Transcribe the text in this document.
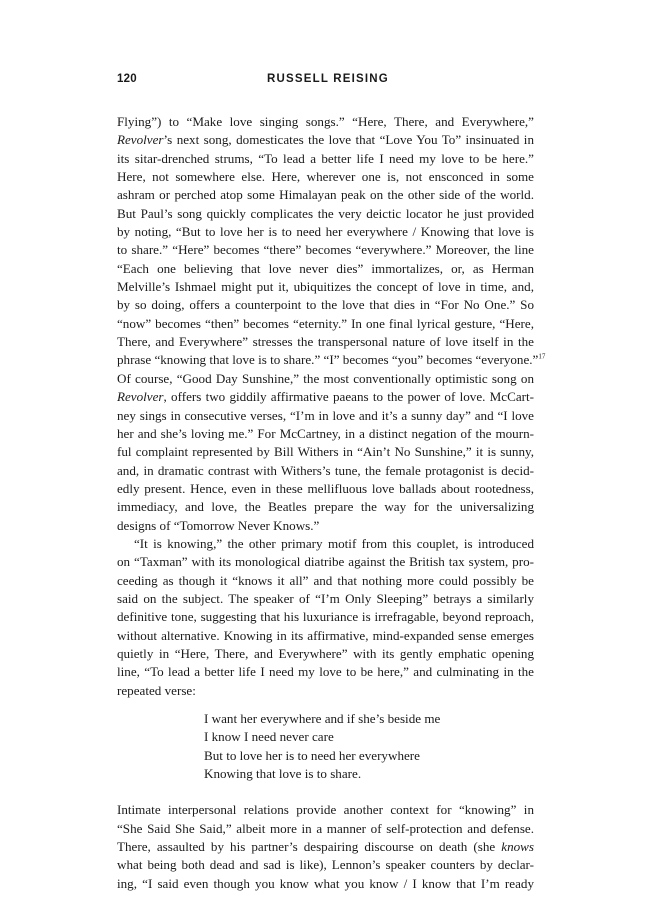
120	RUSSELL REISING
Flying”) to “Make love singing songs.” “Here, There, and Everywhere,”
Revolver’s next song, domesticates the love that “Love You To” insinuated in
its sitar-drenched strums, “To lead a better life I need my love to be here.”
Here, not somewhere else. Here, wherever one is, not ensconced in some
ashram or perched atop some Himalayan peak on the other side of the world.
But Paul’s song quickly complicates the very deictic locator he just provided
by noting, “But to love her is to need her everywhere / Knowing that love is
to share.” “Here” becomes “there” becomes “everywhere.” Moreover, the line
“Each one believing that love never dies” immortalizes, or, as Herman
Melville’s Ishmael might put it, ubiquitizes the concept of love in time, and,
by so doing, offers a counterpoint to the love that dies in “For No One.” So
“now” becomes “then” becomes “eternity.” In one final lyrical gesture, “Here,
There, and Everywhere” stresses the transpersonal nature of love itself in the
phrase “knowing that love is to share.” “I” becomes “you” becomes “everyone.”$^{17}$
Of course, “Good Day Sunshine,” the most conventionally optimistic song on
Revolver, offers two giddily affirmative paeans to the power of love. McCart-
ney sings in consecutive verses, “I’m in love and it’s a sunny day” and “I love
her and she’s loving me.” For McCartney, in a distinct negation of the mourn-
ful complaint represented by Bill Withers in “Ain’t No Sunshine,” it is sunny,
and, in dramatic contrast with Withers’s tune, the female protagonist is decid-
edly present. Hence, even in these mellifluous love ballads about rootedness,
immediacy, and love, the Beatles prepare the way for the universalizing
designs of “Tomorrow Never Knows.”
“It is knowing,” the other primary motif from this couplet, is introduced
on “Taxman” with its monological diatribe against the British tax system, pro-
ceeding as though it “knows it all” and that nothing more could possibly be
said on the subject. The speaker of “I’m Only Sleeping” betrays a similarly
definitive tone, suggesting that his luxuriance is irrefragable, beyond reproach,
without alternative. Knowing in its affirmative, mind-expanded sense emerges
quietly in “Here, There, and Everywhere” with its gently emphatic opening
line, “To lead a better life I need my love to be here,” and culminating in the
repeated verse:
I want her everywhere and if she’s beside me
I know I need never care
But to love her is to need her everywhere
Knowing that love is to share.
Intimate interpersonal relations provide another context for “knowing” in
“She Said She Said,” albeit more in a manner of self-protection and defense.
There, assaulted by his partner’s despairing discourse on death (she knows
what being both dead and sad is like), Lennon’s speaker counters by declar-
ing, “I said even though you know what you know / I know that I’m ready
